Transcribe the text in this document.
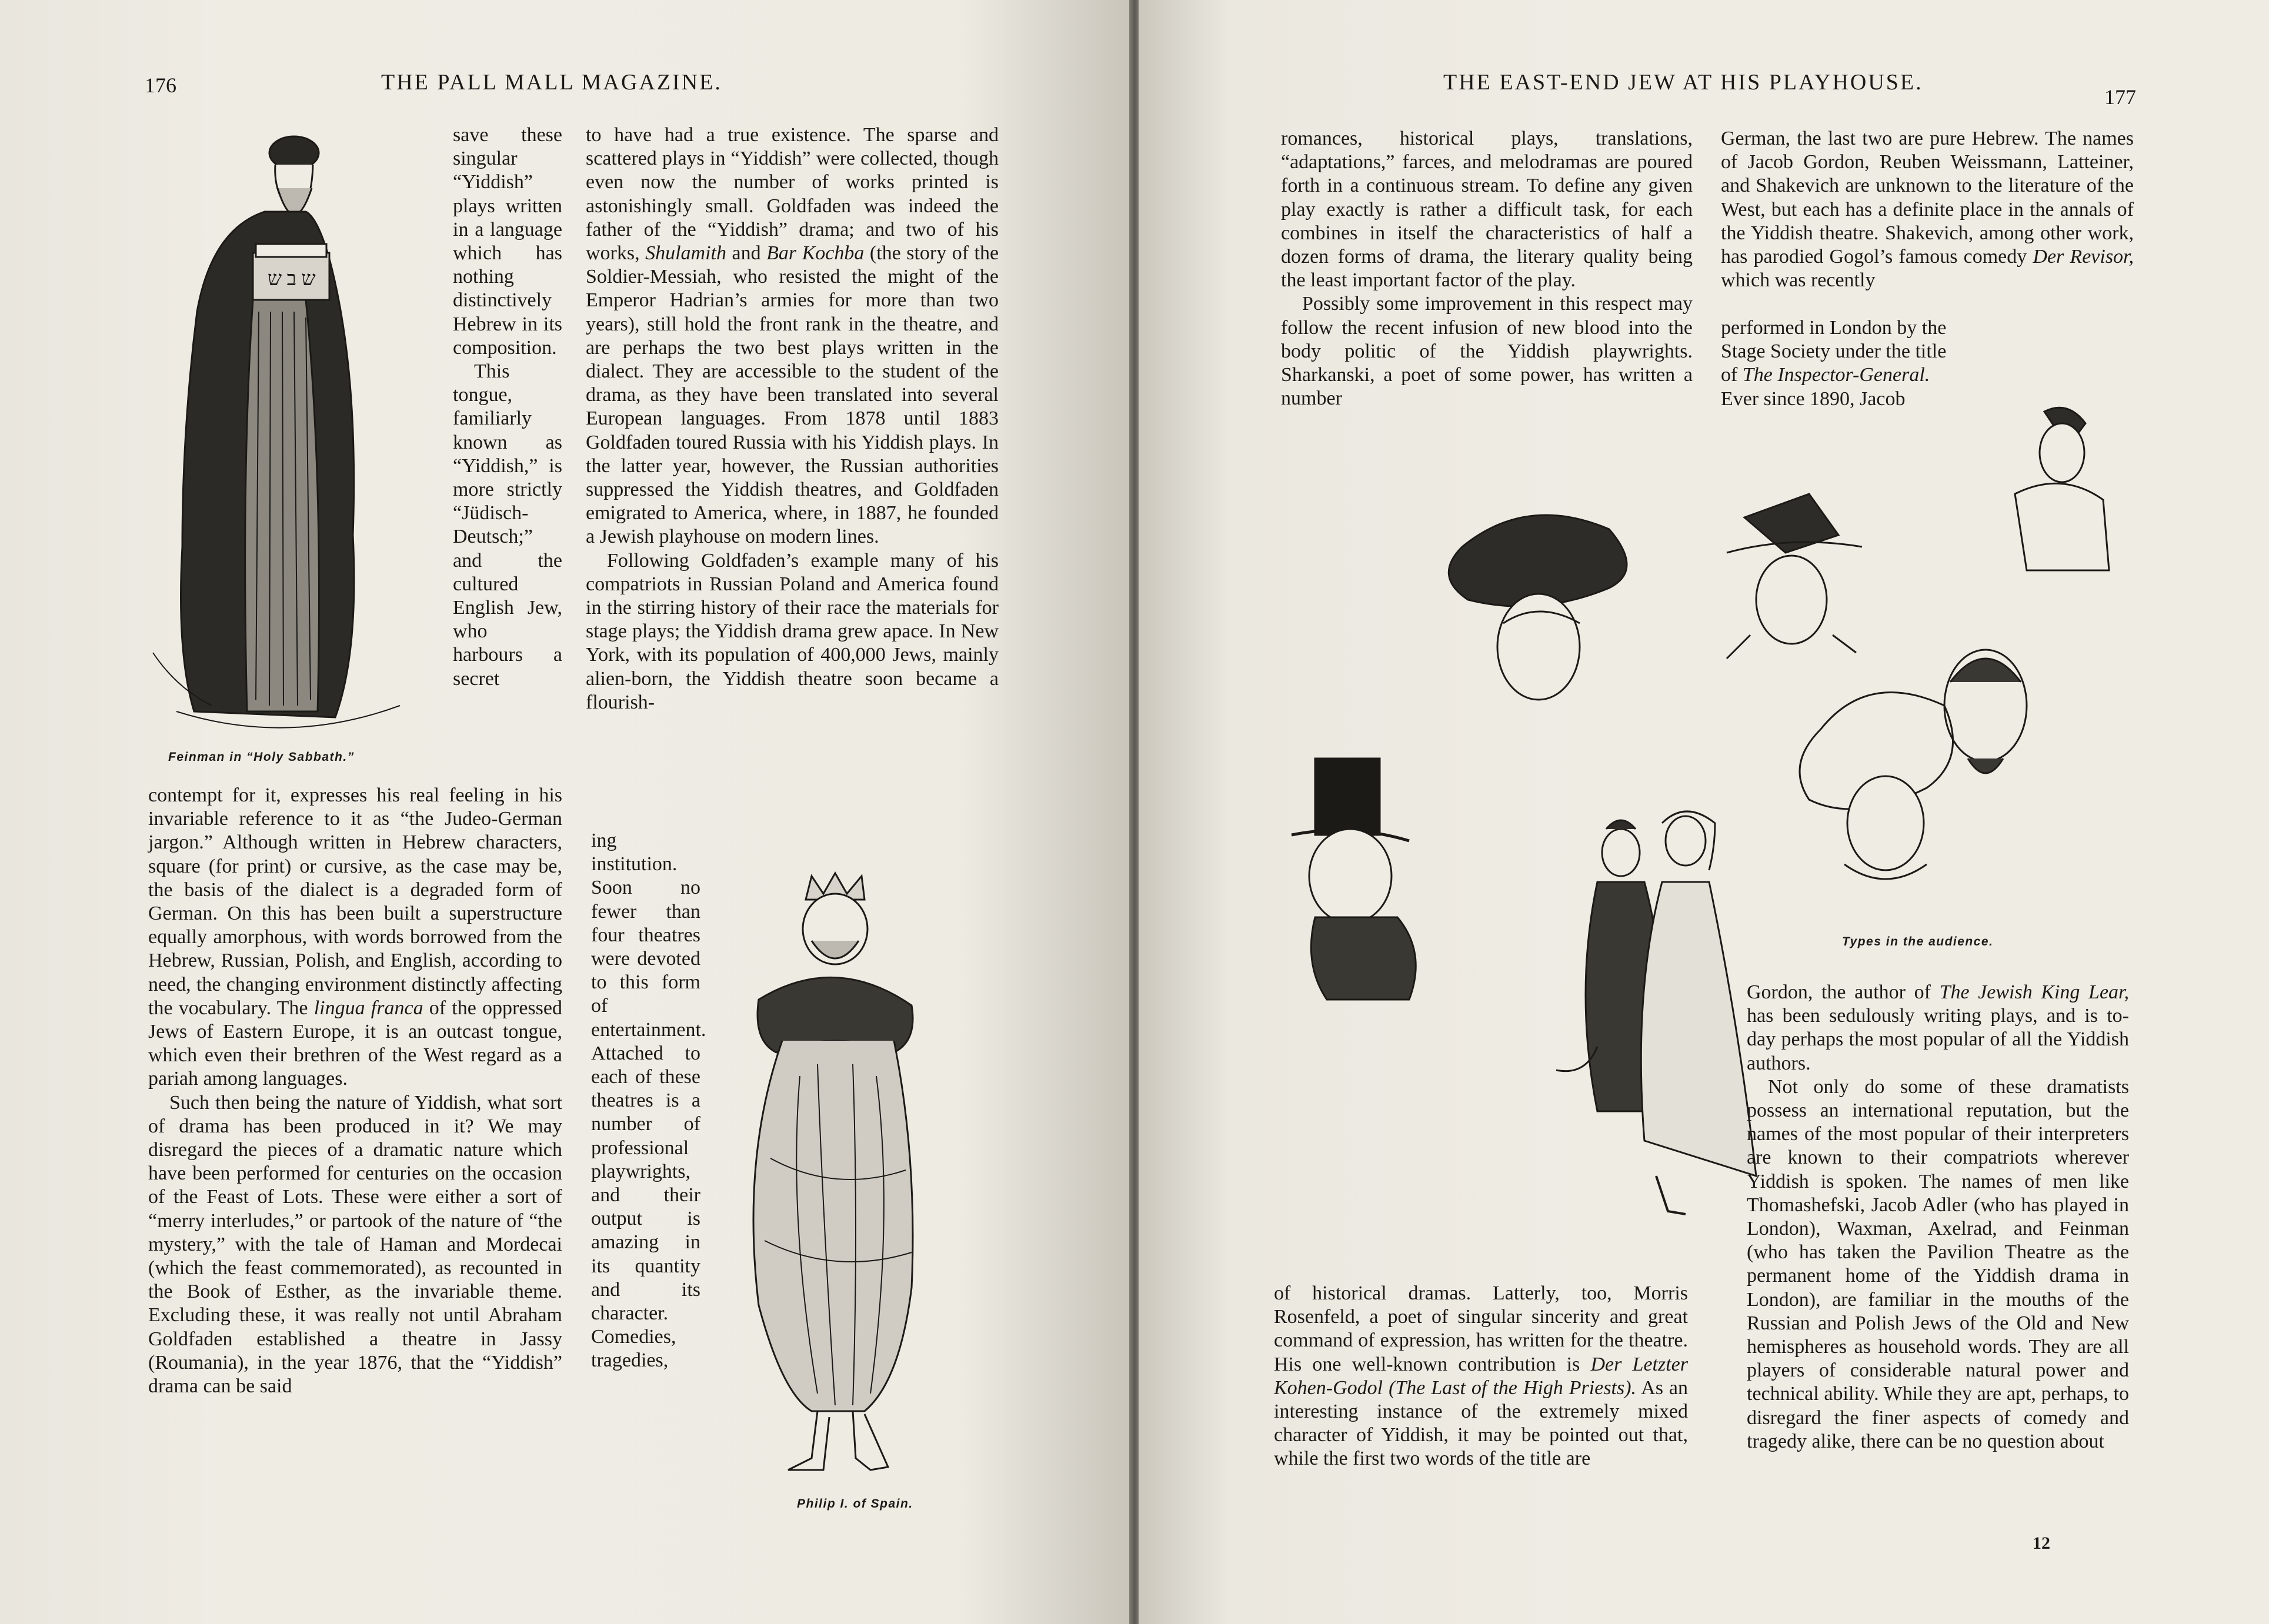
176	THE PALL MALL MAGAZINE.
ש ב ש
Feinman in “Holy Sabbath.”

save these singular “Yiddish” plays written in a language which has nothing distinctively Hebrew in its composition.

This tongue, familiarly known as “Yiddish,” is more strictly “Jüdisch-Deutsch;” and the cultured English Jew, who harbours a secret

contempt for it, expresses his real feeling in his invariable reference to it as “the Judeo-German jargon.” Although written in Hebrew characters, square (for print) or cursive, as the case may be, the basis of the dialect is a degraded form of German. On this has been built a superstructure equally amorphous, with words borrowed from the Hebrew, Russian, Polish, and English, according to need, the changing environment distinctly affecting the vocabulary. The lingua franca of the oppressed Jews of Eastern Europe, it is an outcast tongue, which even their brethren of the West regard as a pariah among languages.

Such then being the nature of Yiddish, what sort of drama has been produced in it? We may disregard the pieces of a dramatic nature which have been performed for centuries on the occasion of the Feast of Lots. These were either a sort of “merry interludes,” or partook of the nature of “the mystery,” with the tale of Haman and Mordecai (which the feast commemorated), as recounted in the Book of Esther, as the invariable theme. Excluding these, it was really not until Abraham Goldfaden established a theatre in Jassy (Roumania), in the year 1876, that the “Yiddish” drama can be said

to have had a true existence. The sparse and scattered plays in “Yiddish” were collected, though even now the number of works printed is astonishingly small. Goldfaden was indeed the father of the “Yiddish” drama; and two of his works, Shulamith and Bar Kochba (the story of the Soldier-Messiah, who resisted the might of the Emperor Hadrian’s armies for more than two years), still hold the front rank in the theatre, and are perhaps the two best plays written in the dialect. They are accessible to the student of the drama, as they have been translated into several European languages. From 1878 until 1883 Goldfaden toured Russia with his Yiddish plays. In the latter year, however, the Russian authorities suppressed the Yiddish theatres, and Goldfaden emigrated to America, where, in 1887, he founded a Jewish playhouse on modern lines.

Following Goldfaden’s example many of his compatriots in Russian Poland and America found in the stirring history of their race the materials for stage plays; the Yiddish drama grew apace. In New York, with its population of 400,000 Jews, mainly alien-born, the Yiddish theatre soon became a flourish-

ing institution. Soon no fewer than four theatres were devoted to this form of entertainment. Attached to each of these theatres is a number of professional playwrights, and their output is amazing in its quantity and its character. Comedies, tragedies,

Philip I. of Spain.
THE EAST-END JEW AT HIS PLAYHOUSE.
177

romances, historical plays, translations, “adaptations,” farces, and melodramas are poured forth in a continuous stream. To define any given play exactly is rather a difficult task, for each combines in itself the characteristics of half a dozen forms of drama, the literary quality being the least important factor of the play.

Possibly some improvement in this respect may follow the recent infusion of new blood into the body politic of the Yiddish playwrights. Sharkanski, a poet of some power, has written a number

German, the last two are pure Hebrew. The names of Jacob Gordon, Reuben Weissmann, Latteiner, and Shakevich are unknown to the literature of the West, but each has a definite place in the annals of the Yiddish theatre. Shakevich, among other work, has parodied Gogol’s famous comedy Der Revisor, which was recently

performed in London by the Stage Society under the title of The Inspector-General. Ever since 1890, Jacob

Types in the audience.

of historical dramas. Latterly, too, Morris Rosenfeld, a poet of singular sincerity and great command of expression, has written for the theatre. His one well-known contribution is Der Letzter Kohen-Godol (The Last of the High Priests). As an interesting instance of the extremely mixed character of Yiddish, it may be pointed out that, while the first two words of the title are

Gordon, the author of The Jewish King Lear, has been sedulously writing plays, and is to-day perhaps the most popular of all the Yiddish authors.

Not only do some of these dramatists possess an international reputation, but the names of the most popular of their interpreters are known to their compatriots wherever Yiddish is spoken. The names of men like Thomashefski, Jacob Adler (who has played in London), Waxman, Axelrad, and Feinman (who has taken the Pavilion Theatre as the permanent home of the Yiddish drama in London), are familiar in the mouths of the Russian and Polish Jews of the Old and New hemispheres as household words. They are all players of considerable natural power and technical ability. While they are apt, perhaps, to disregard the finer aspects of comedy and tragedy alike, there can be no question about

12
